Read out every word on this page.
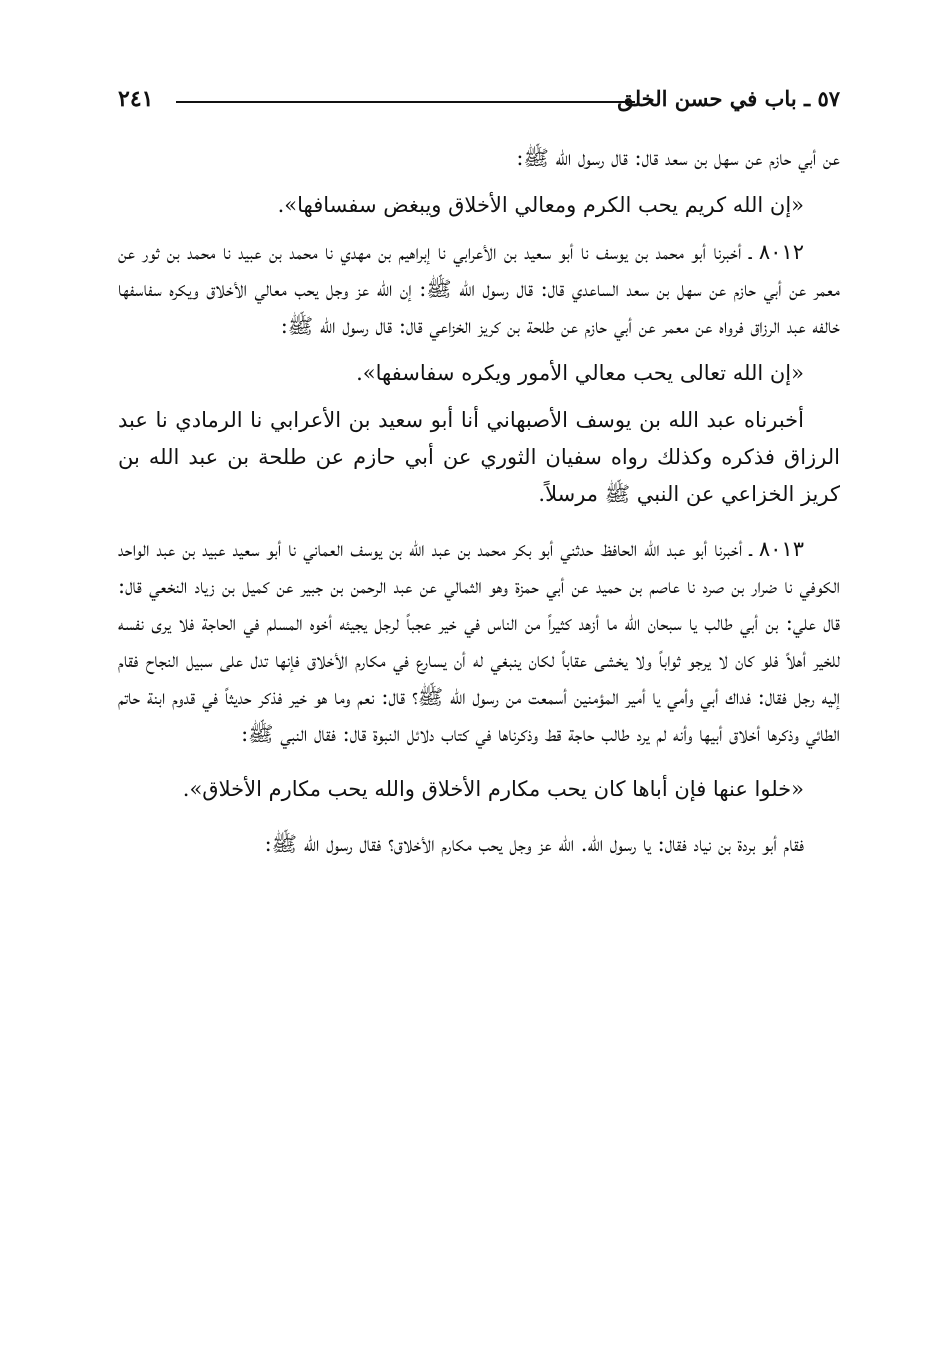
٥٧ ـ باب في حسن الخلق
٢٤١

عن أبي حازم عن سهل بن سعد قال: قال رسول الله ﷺ:

«إن الله كريم يحب الكرم ومعالي الأخلاق ويبغض سفسافها».

٨٠١٢ ـ أخبرنا أبو محمد بن يوسف نا أبو سعيد بن الأعرابي نا إبراهيم بن مهدي نا محمد بن عبيد نا محمد بن ثور عن معمر عن أبي حازم عن سهل بن سعد الساعدي قال: قال رسول الله ﷺ: إن الله عز وجل يحب معالي الأخلاق ويكره سفاسفها خالفه عبد الرزاق فرواه عن معمر عن أبي حازم عن طلحة بن كريز الخزاعي قال: قال رسول الله ﷺ:

«إن الله تعالى يحب معالي الأمور ويكره سفاسفها».

أخبرناه عبد الله بن يوسف الأصبهاني أنا أبو سعيد بن الأعرابي نا الرمادي نا عبد الرزاق فذكره وكذلك رواه سفيان الثوري عن أبي حازم عن طلحة بن عبد الله بن كريز الخزاعي عن النبي ﷺ مرسلاً.

٨٠١٣ ـ أخبرنا أبو عبد الله الحافظ حدثني أبو بكر محمد بن عبد الله بن يوسف العماني نا أبو سعيد عبيد بن عبد الواحد الكوفي نا ضرار بن صرد نا عاصم بن حميد عن أبي حمزة وهو الثمالي عن عبد الرحمن بن جبير عن كميل بن زياد النخعي قال: قال علي: بن أبي طالب يا سبحان الله ما أزهد كثيراً من الناس في خير عجباً لرجل يجيئه أخوه المسلم في الحاجة فلا يرى نفسه للخير أهلاً فلو كان لا يرجو ثواباً ولا يخشى عقاباً لكان ينبغي له أن يسارع في مكارم الأخلاق فإنها تدل على سبيل النجاح فقام إليه رجل فقال: فداك أبي وأمي يا أمير المؤمنين أسمعت من رسول الله ﷺ؟ قال: نعم وما هو خير فذكر حديثاً في قدوم ابنة حاتم الطائي وذكرها أخلاق أبيها وأنه لم يرد طالب حاجة قط وذكرناها في كتاب دلائل النبوة قال: فقال النبي ﷺ:

«خلوا عنها فإن أباها كان يحب مكارم الأخلاق والله يحب مكارم الأخلاق».

فقام أبو بردة بن نياد فقال: يا رسول الله. الله عز وجل يحب مكارم الأخلاق؟ فقال رسول الله ﷺ:
